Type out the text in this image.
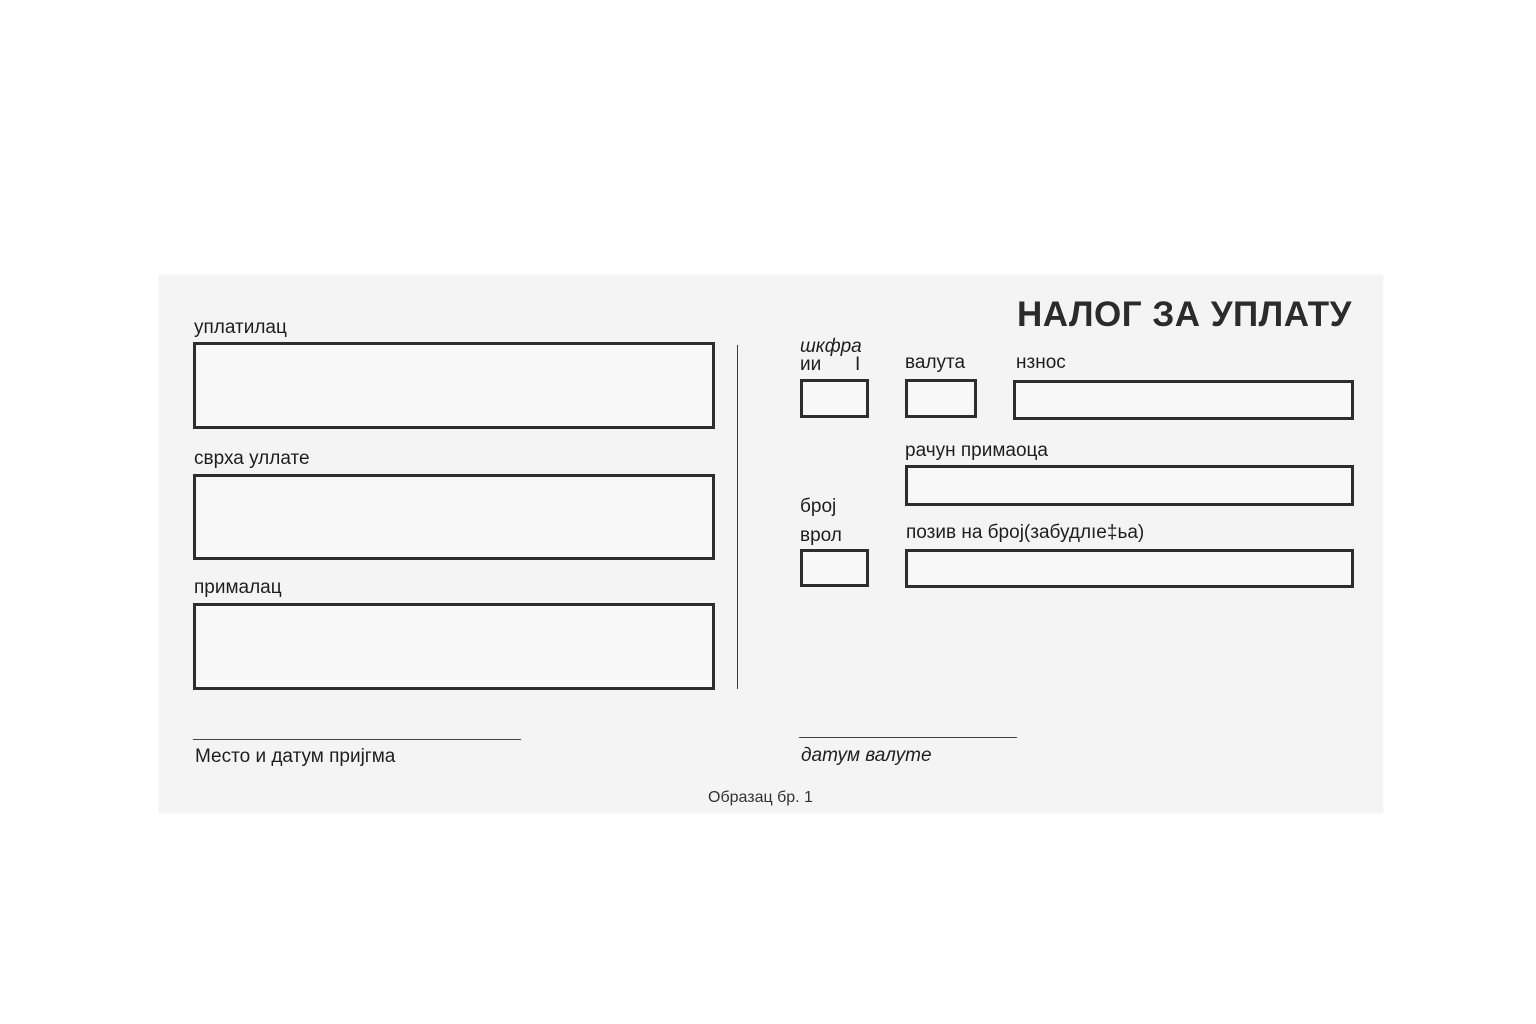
НАЛОГ ЗА УПЛАТУ
уплатилац
сврха уллате
прималац
шкфра
ии I валута	нзнос
рачун примаоца
броj
врол	позив на броj(забудлıе‡ьа)
Место и датум приjгма	датум валуте
Образац бр. 1
